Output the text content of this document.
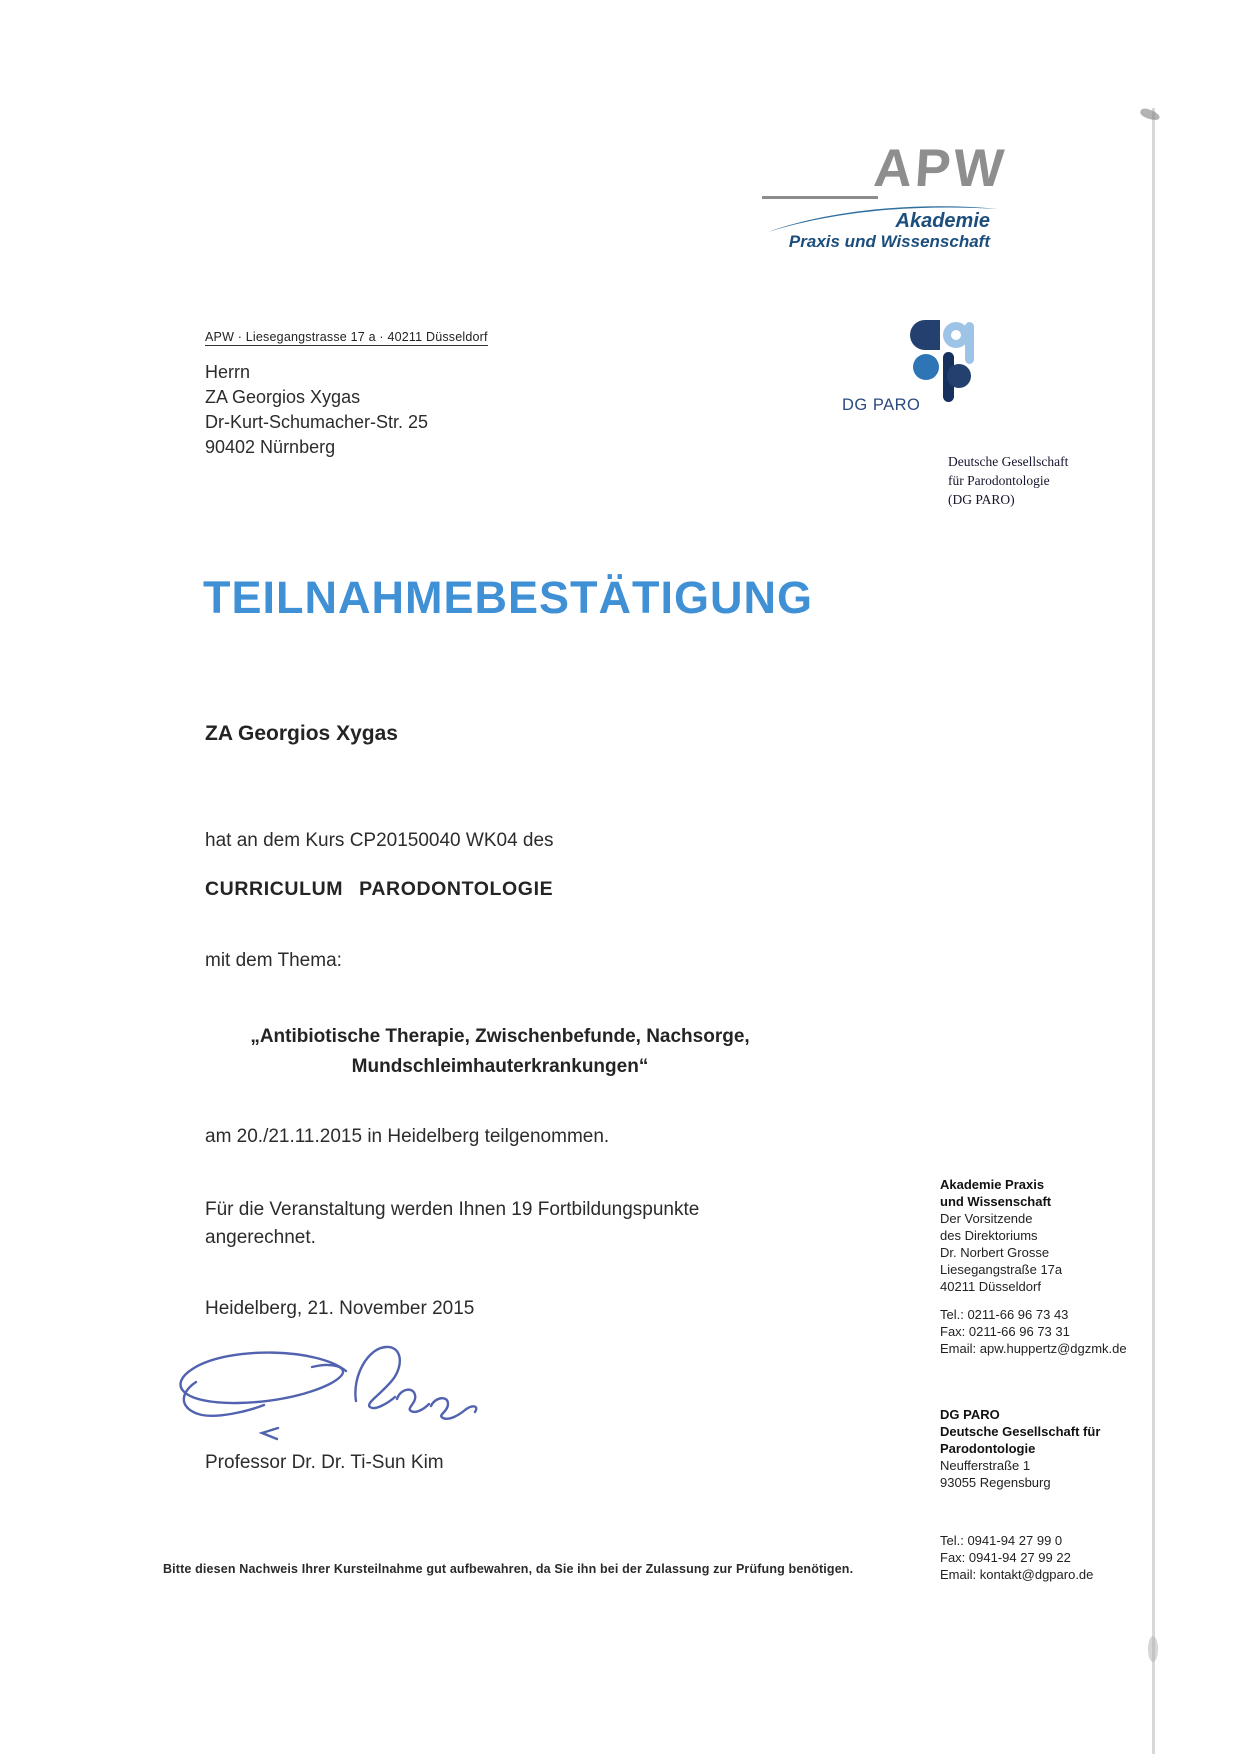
APW
Akademie
Praxis und Wissenschaft
APW · Liesegangstrasse 17 a · 40211 Düsseldorf
Herrn
ZA Georgios Xygas
Dr-Kurt-Schumacher-Str. 25
90402 Nürnberg
DG PARO
Deutsche Gesellschaft
für Parodontologie
(DG PARO)
TEILNAHMEBESTÄTIGUNG
ZA Georgios Xygas
hat an dem Kurs CP20150040 WK04 des
CURRICULUM PARODONTOLOGIE
mit dem Thema:
„Antibiotische Therapie, Zwischenbefunde, Nachsorge,
Mundschleimhauterkrankungen“
am 20./21.11.2015 in Heidelberg teilgenommen.
Für die Veranstaltung werden Ihnen 19 Fortbildungspunkte
angerechnet.
Heidelberg, 21. November 2015
Professor Dr. Dr. Ti-Sun Kim
Akademie Praxis
und Wissenschaft
Der Vorsitzende
des Direktoriums
Dr. Norbert Grosse
Liesegangstraße 17a
40211 Düsseldorf
Tel.: 0211-66 96 73 43
Fax: 0211-66 96 73 31
Email: apw.huppertz@dgzmk.de
DG PARO
Deutsche Gesellschaft für
Parodontologie
Neufferstraße 1
93055 Regensburg
Tel.: 0941-94 27 99 0
Fax: 0941-94 27 99 22
Email: kontakt@dgparo.de
Bitte diesen Nachweis Ihrer Kursteilnahme gut aufbewahren, da Sie ihn bei der Zulassung zur Prüfung benötigen.
